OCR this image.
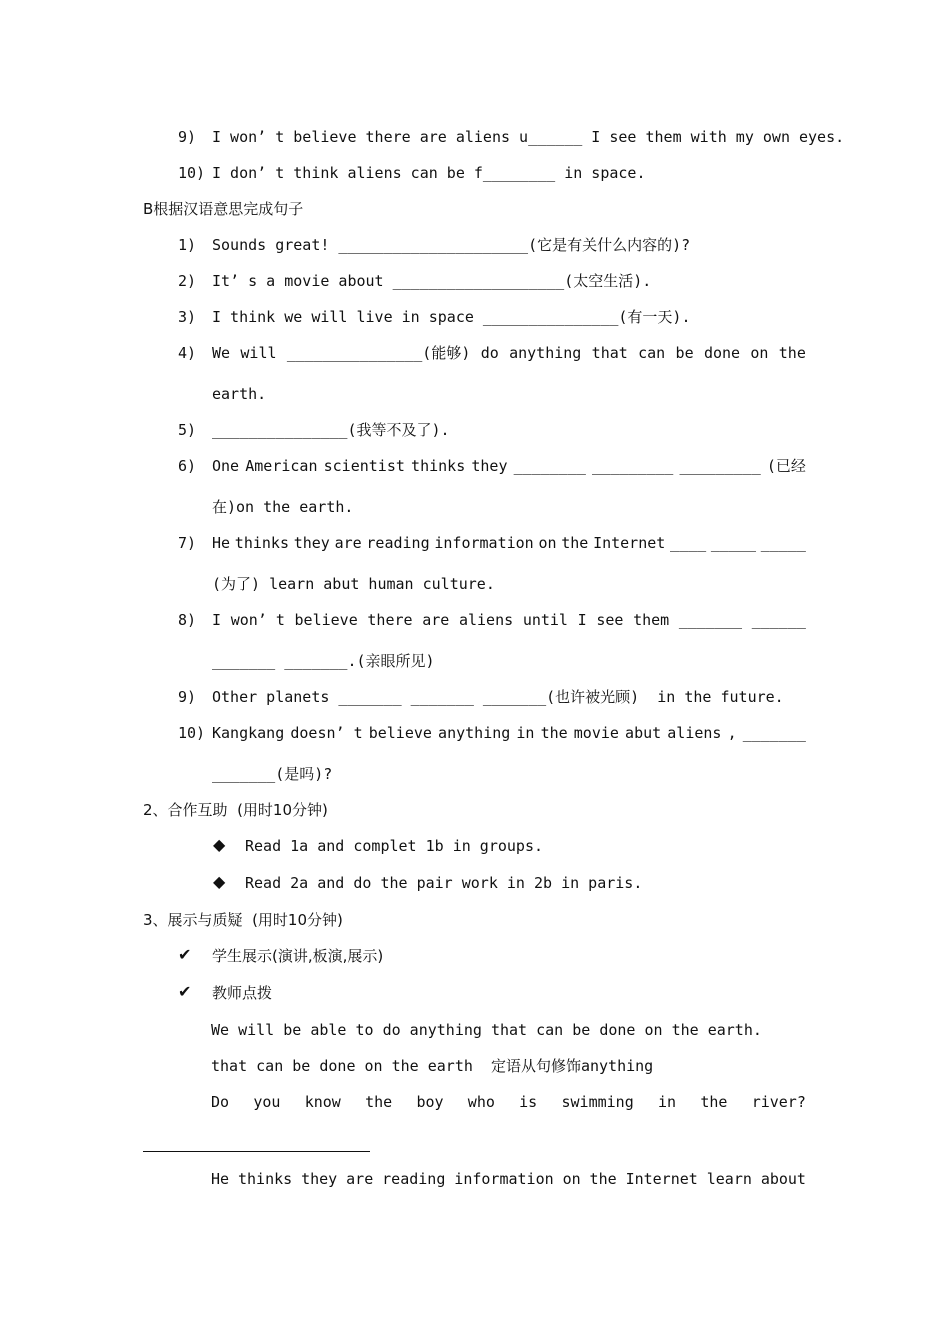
9) I won’ t believe there are aliens u______ I see them with my own eyes.
10) I don’ t think aliens can be f________ in space.
B根据汉语意思完成句子
1) Sounds great! _____________________(它是有关什么内容的)?
2) It’ s a movie about ___________________(太空生活).
3) I think we will live in space _______________(有一天).
4) We will _______________(能够) do anything that can be done on the
earth.
5) _______________(我等不及了).
6) One American scientist thinks they ________ _________ _________ (已经
在)on the earth.
7) He thinks they are reading information on the Internet ____ _____ _____
(为了) learn abut human culture.
8) I won’ t believe there are aliens until I see them _______ ______
_______ _______.(亲眼所见)
9) Other planets _______ _______ _______(也许被光顾)  in the future.
10) Kangkang doesn’ t believe anything in the movie abut aliens , _______
_______(是吗)?
2、合作互助  (用时10分钟)
◆ Read 1a and complet 1b in groups.
◆ Read 2a and do the pair work in 2b in paris.
3、展示与质疑  (用时10分钟)
✔ 学生展示(演讲,板演,展示)
✔ 教师点拨
We will be able to do anything that can be done on the earth.
that can be done on the earth  定语从句修饰anything
Do you know the boy who is swimming in the river?
He thinks they are reading information on the Internet learn about
